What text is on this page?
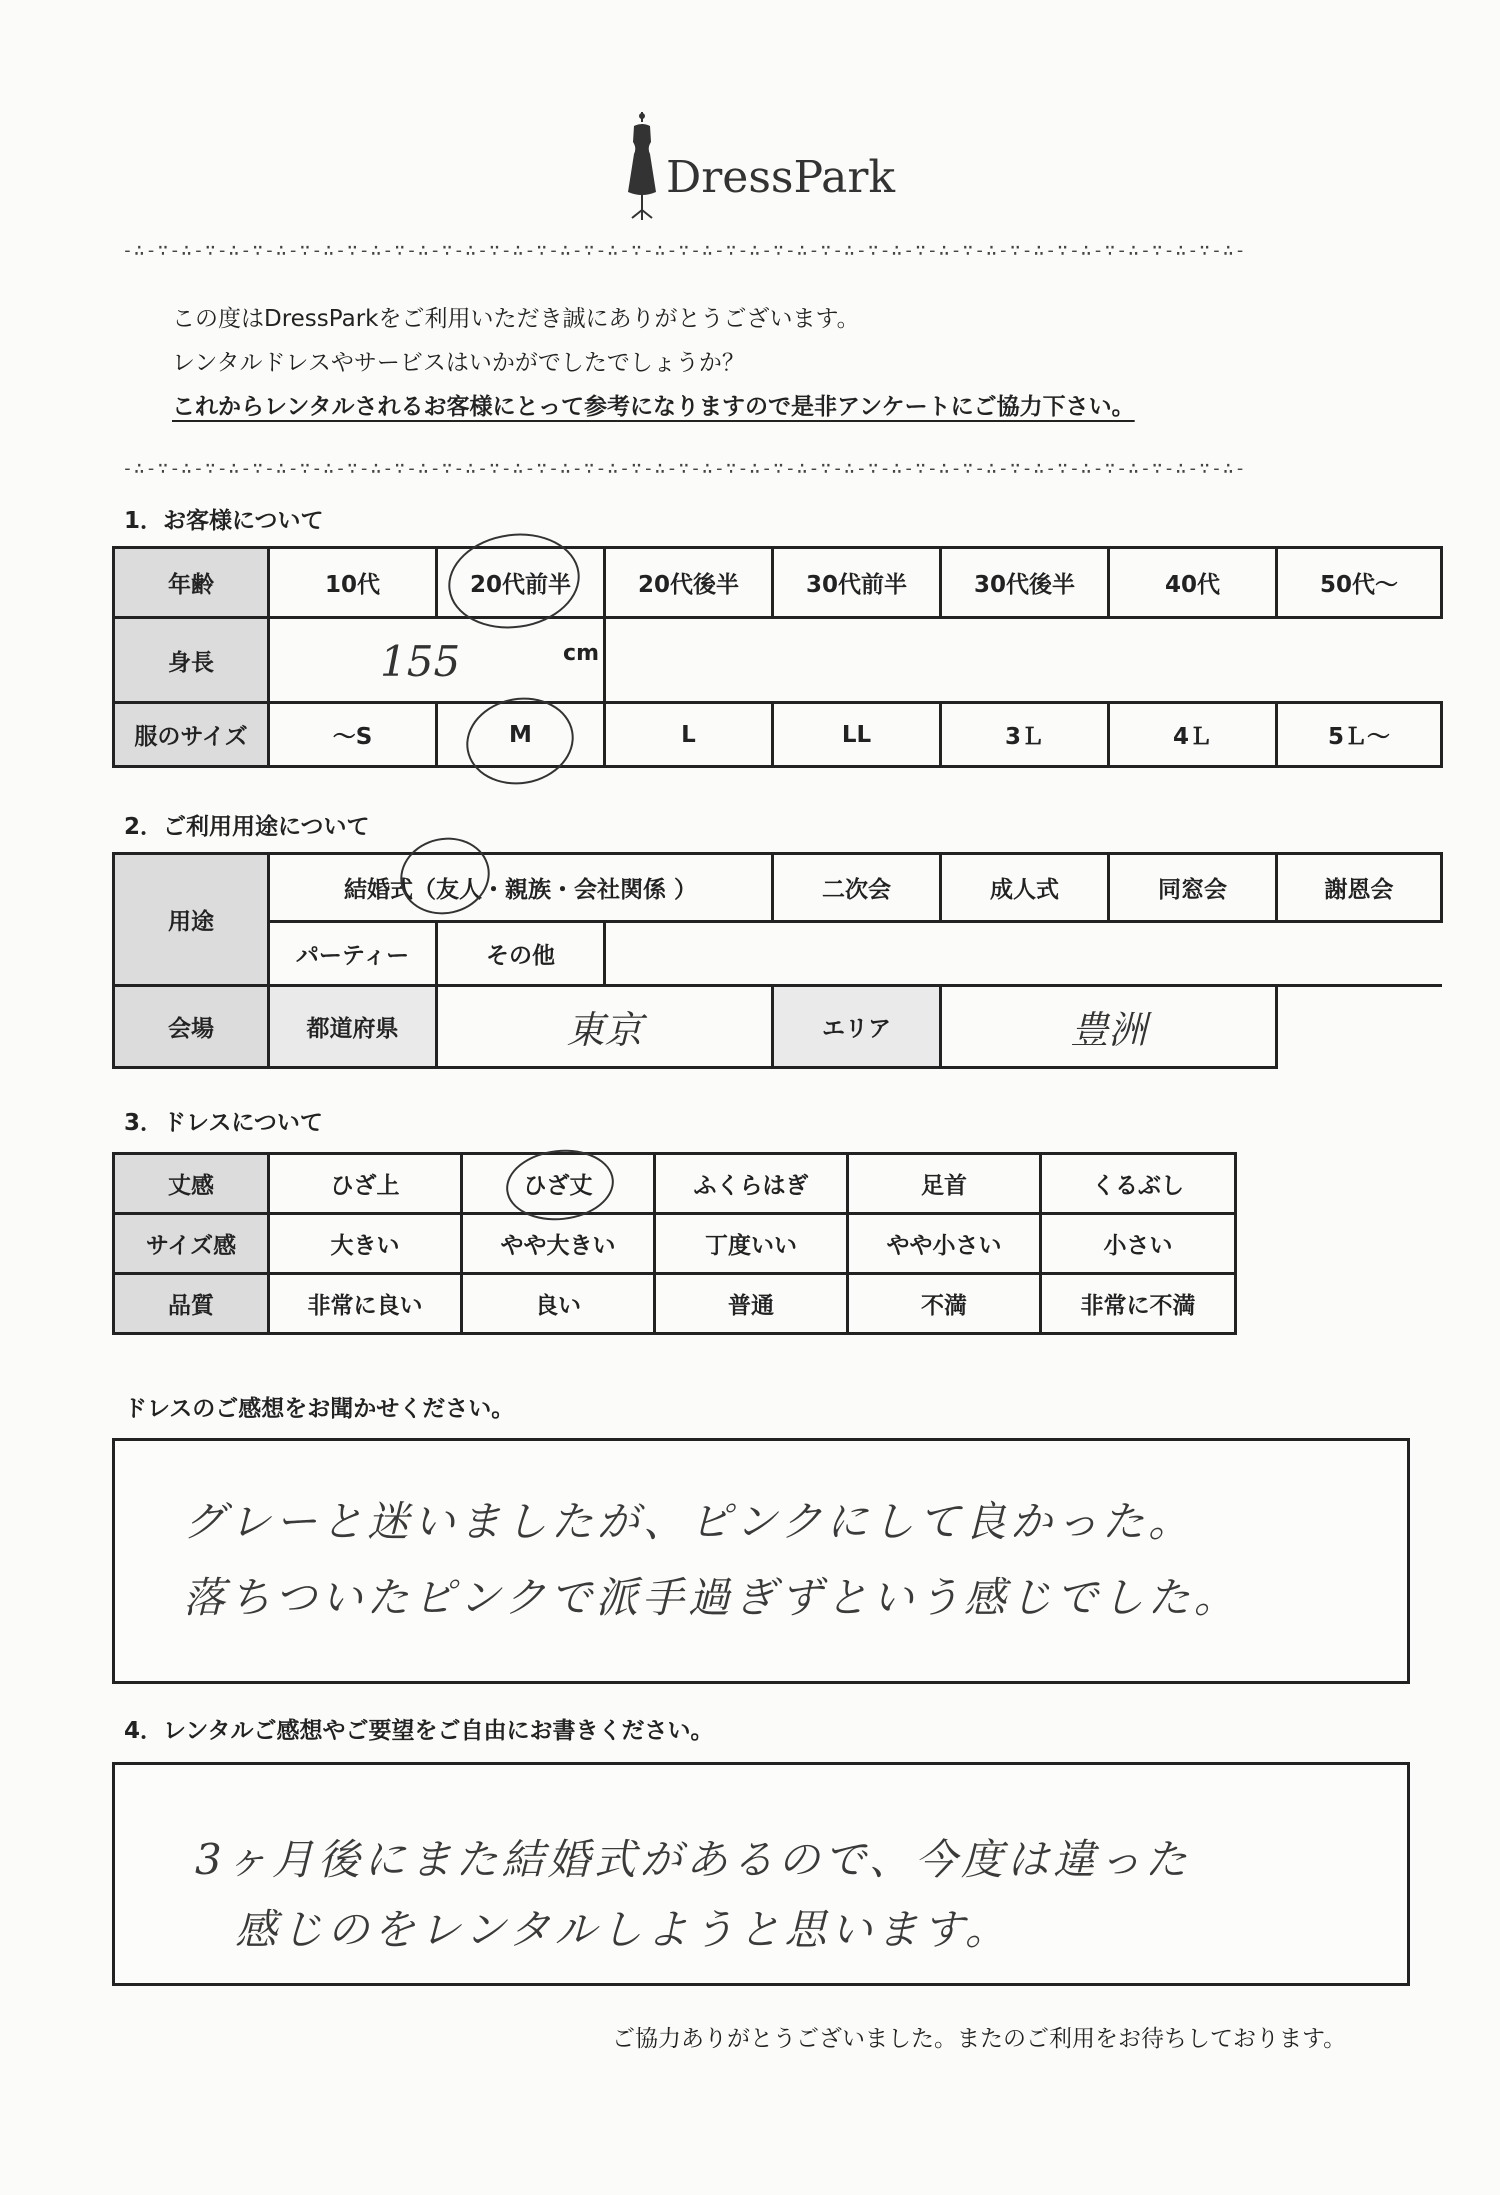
DressPark
-∴-∵-∴-∵-∴-∵-∴-∵-∴-∵-∴-∵-∴-∵-∴-∵-∴-∵-∴-∵-∴-∵-∴-∵-∴-∵-∴-∵-∴-∵-∴-∵-∴-∵-∴-∵-∴-∵-∴-∵-∴-∵-∴-∵-∴-∵-∴-
この度はDressParkをご利用いただき誠にありがとうございます。
レンタルドレスやサービスはいかがでしたでしょうか？
これからレンタルされるお客様にとって参考になりますので是非アンケートにご協力下さい。
-∴-∵-∴-∵-∴-∵-∴-∵-∴-∵-∴-∵-∴-∵-∴-∵-∴-∵-∴-∵-∴-∵-∴-∵-∴-∵-∴-∵-∴-∵-∴-∵-∴-∵-∴-∵-∴-∵-∴-∵-∴-∵-∴-∵-∴-∵-∴-
1．お客様について
年齢	10代	20代前半	20代後半	30代前半	30代後半	40代	50代～
身長	155 cm						

服のサイズ	～S	M	L	LL	3Ｌ	4Ｌ	5Ｌ～
2．ご利用用途について
用途	結婚式（友人・親族・会社関係 ）			二次会	成人式	同窓会	謝恩会
	パーティー	その他					
会場	都道府県	東京		エリア	豊洲		
3．ドレスについて
丈感	ひざ上	ひざ丈	ふくらはぎ	足首	くるぶし
サイズ感	大きい	やや大きい	丁度いい	やや小さい	小さい
品質	非常に良い	良い	普通	不満	非常に不満
ドレスのご感想をお聞かせください。
グレーと迷いましたが、ピンクにして良かった。
落ちついたピンクで派手過ぎずという感じでした。
4．レンタルご感想やご要望をご自由にお書きください。
3ヶ月後にまた結婚式があるので、今度は違った
感じのをレンタルしようと思います。
ご協力ありがとうございました。またのご利用をお待ちしております。
